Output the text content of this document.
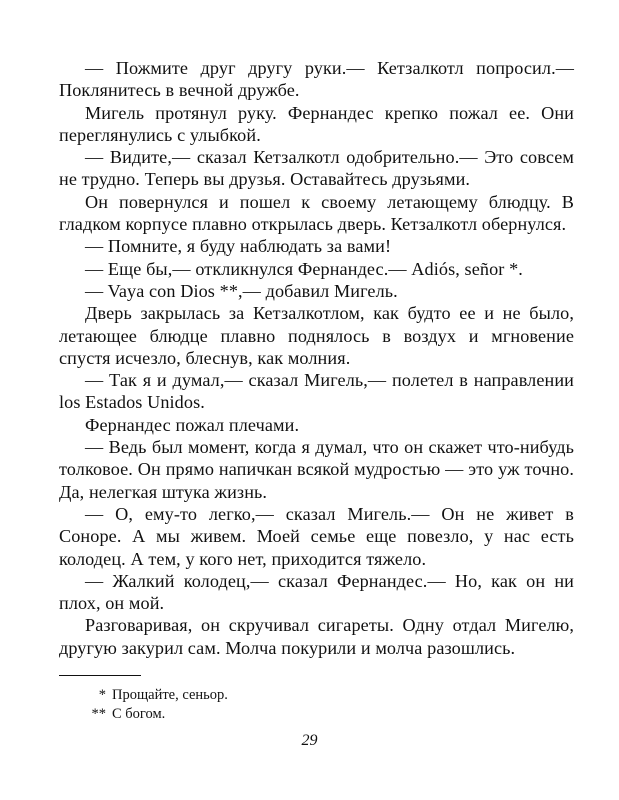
— Пожмите друг другу руки.— Кетзалкотл попросил.— Поклянитесь в вечной дружбе.

Мигель протянул руку. Фернандес крепко пожал ее. Они переглянулись с улыбкой.

— Видите,— сказал Кетзалкотл одобрительно.— Это совсем не трудно. Теперь вы друзья. Оставайтесь друзьями.

Он повернулся и пошел к своему летающему блюдцу. В гладком корпусе плавно открылась дверь. Кетзалкотл обернулся.

— Помните, я буду наблюдать за вами!

— Еще бы,— откликнулся Фернандес.— Adiós, señor *.

— Vaya con Dios **,— добавил Мигель.

Дверь закрылась за Кетзалкотлом, как будто ее и не было, летающее блюдце плавно поднялось в воздух и мгновение спустя исчезло, блеснув, как молния.

— Так я и думал,— сказал Мигель,— полетел в направлении los Estados Unidos.

Фернандес пожал плечами.

— Ведь был момент, когда я думал, что он скажет что-нибудь толковое. Он прямо напичкан всякой мудростью — это уж точно. Да, нелегкая штука жизнь.

— О, ему-то легко,— сказал Мигель.— Он не живет в Соноре. А мы живем. Моей семье еще повезло, у нас есть колодец. А тем, у кого нет, приходится тяжело.

— Жалкий колодец,— сказал Фернандес.— Но, как он ни плох, он мой.

Разговаривая, он скручивал сигареты. Одну отдал Мигелю, другую закурил сам. Молча покурили и молча разошлись.

* Прощайте, сеньор.
** С богом.
29
